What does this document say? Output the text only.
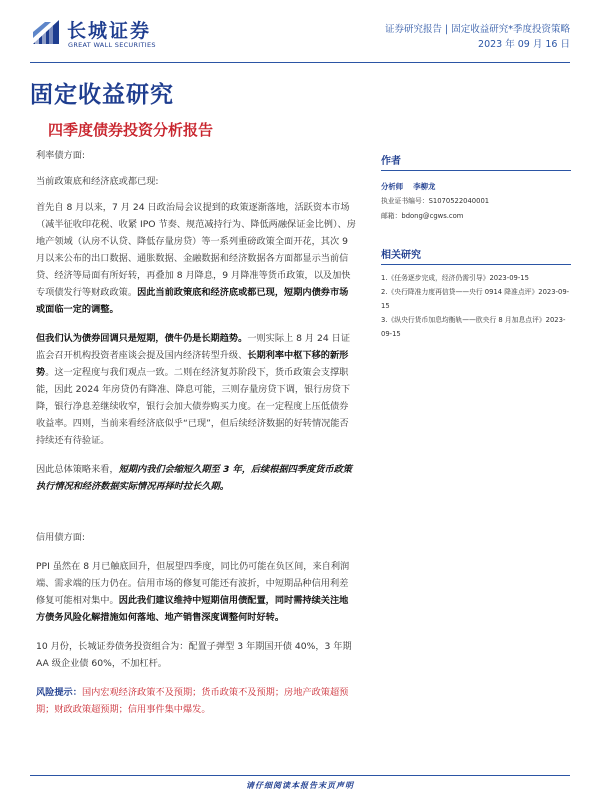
长城证券
GREAT WALL SECURITIES
证券研究报告 | 固定收益研究*季度投资策略
2023 年 09 月 16 日
固定收益研究
四季度债券投资分析报告

利率债方面:

当前政策底和经济底或都已现:

首先自 8 月以来，7 月 24 日政治局会议提到的政策逐渐落地，活跃资本市场（减半征收印花税、收紧 IPO 节奏、规范减持行为、降低两融保证金比例）、房地产领域（认房不认贷、降低存量房贷）等一系列重磅政策全面开花，其次 9 月以来公布的出口数据、通胀数据、金融数据和经济数据各方面都显示当前信贷、经济等局面有所好转，再叠加 8 月降息，9 月降准等货币政策，以及加快专项债发行等财政政策。因此当前政策底和经济底或都已现，短期内债券市场或面临一定的调整。

但我们认为债券回调只是短期，债牛仍是长期趋势。一则实际上 8 月 24 日证监会召开机构投资者座谈会提及国内经济转型升级、长期利率中枢下移的新形势。这一定程度与我们观点一致。二则在经济复苏阶段下，货币政策会支撑职能，因此 2024 年房贷仍有降准、降息可能，三则存量房贷下调，银行房贷下降，银行净息差继续收窄，银行会加大债券购买力度。在一定程度上压低债券收益率。四则，当前来看经济底似乎“已现”，但后续经济数据的好转情况能否持续还有待验证。

因此总体策略来看，短期内我们会缩短久期至 3 年，后续根据四季度货币政策执行情况和经济数据实际情况再择时拉长久期。

信用债方面:

PPI 虽然在 8 月已触底回升，但展望四季度，同比仍可能在负区间，来自利润端、需求端的压力仍在。信用市场的修复可能还有波折，中短期品种信用利差修复可能相对集中。因此我们建议维持中短期信用债配置，同时需持续关注地方债务风险化解措施如何落地、地产销售深度调整何时好转。

10 月份，长城证券债务投资组合为：配置子弹型 3 年期国开债 40%，3 年期 AA 级企业债 60%，不加杠杆。

风险提示：国内宏观经济政策不及预期；货币政策不及预期；房地产政策超预期；财政政策超预期；信用事件集中爆发。

作者
分析师 李柳龙
执业证书编号：S1070522040001
邮箱：bdong@cgws.com
相关研究
1.《任务逐步完成，经济仍需引导》2023-09-15
2.《央行降准力度再信贷——央行 0914 降准点评》2023-09-15
3.《纵央行货币加息均衡轨——欧央行 8 月加息点评》2023-09-15
请仔细阅读本报告末页声明
